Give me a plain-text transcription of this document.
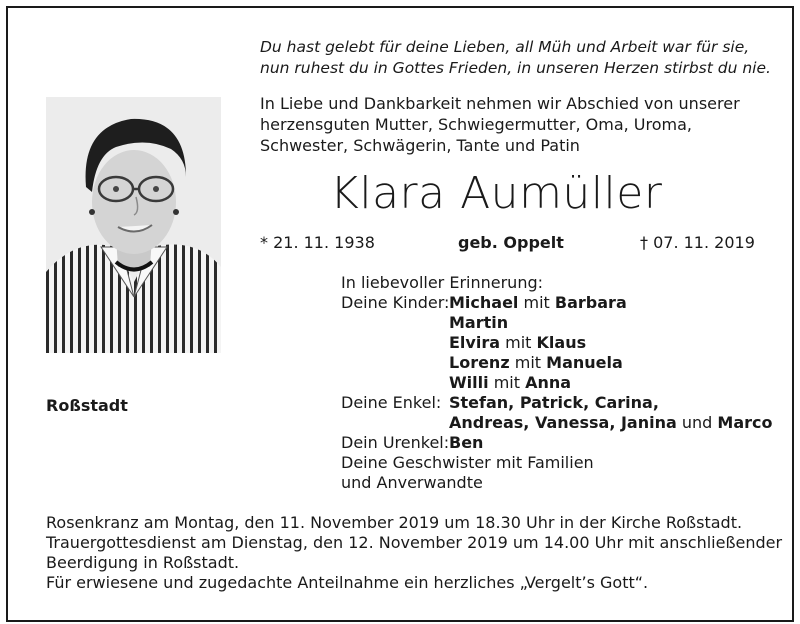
Du hast gelebt für deine Lieben, all Müh und Arbeit war für sie,
nun ruhest du in Gottes Frieden, in unseren Herzen stirbst du nie.
In Liebe und Dankbarkeit nehmen wir Abschied von unserer
herzensguten Mutter, Schwiegermutter, Oma, Uroma,
Schwester, Schwägerin, Tante und Patin
Klara Aumüller
* 21. 11. 1938	geb. Oppelt	† 07. 11. 2019
In liebevoller Erinnerung:
Deine Kinder: Michael mit Barbara
Martin
Elvira mit Klaus
Lorenz mit Manuela
Willi mit Anna
Roßstadt	Deine Enkel: Stefan, Patrick, Carina,
Andreas, Vanessa, Janina und Marco
Dein Urenkel: Ben
Deine Geschwister mit Familien
und Anverwandte
Rosenkranz am Montag, den 11. November 2019 um 18.30 Uhr in der Kirche Roßstadt.
Trauergottesdienst am Dienstag, den 12. November 2019 um 14.00 Uhr mit anschließender
Beerdigung in Roßstadt.
Für erwiesene und zugedachte Anteilnahme ein herzliches „Vergelt’s Gott“.
